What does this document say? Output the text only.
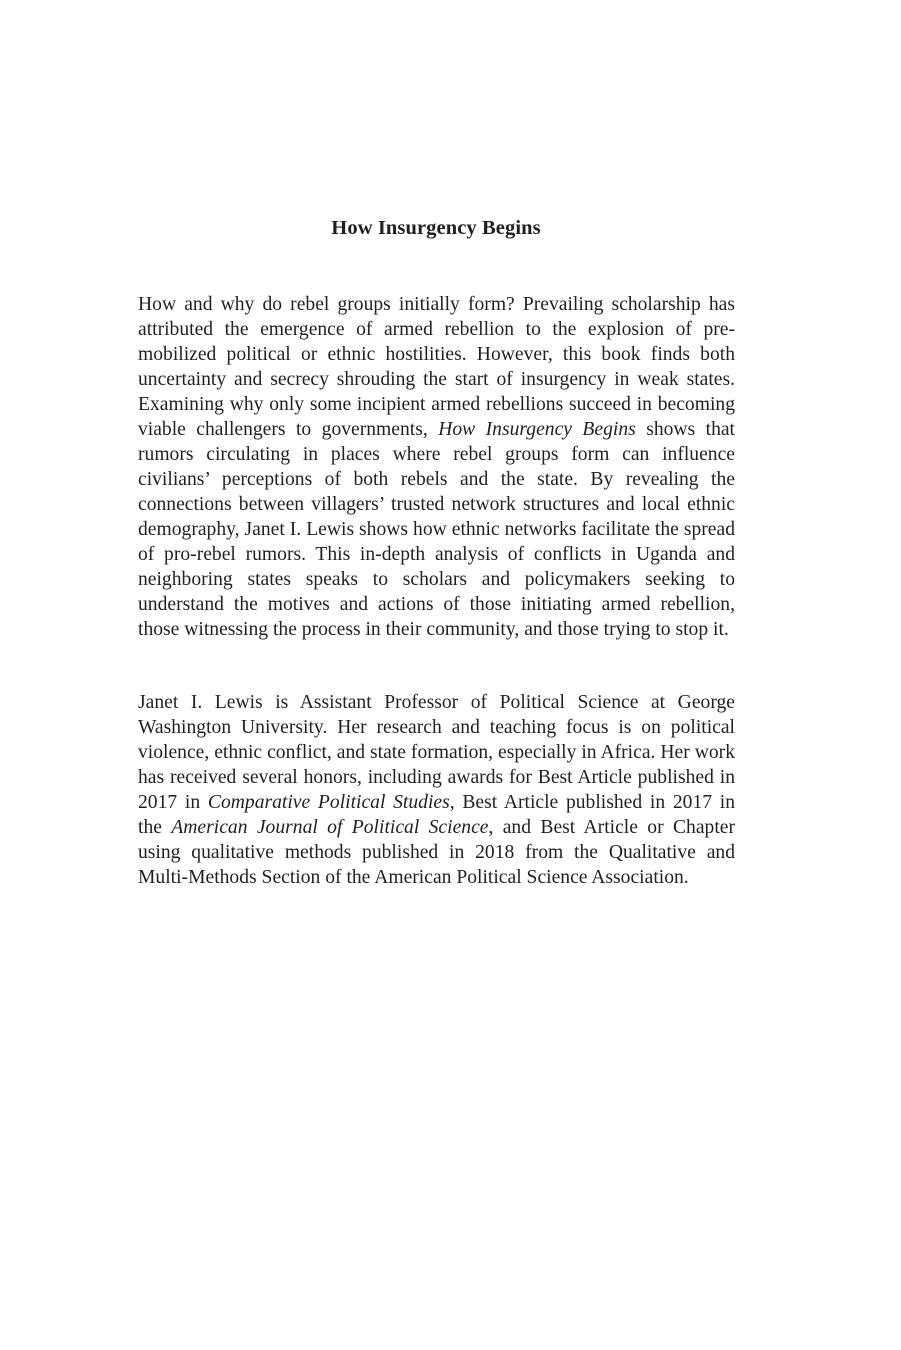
How Insurgency Begins

How and why do rebel groups initially form? Prevailing scholarship has attributed the emergence of armed rebellion to the explosion of pre-mobilized political or ethnic hostilities. However, this book finds both uncertainty and secrecy shrouding the start of insurgency in weak states. Examining why only some incipient armed rebellions succeed in becoming viable challengers to governments, How Insurgency Begins shows that rumors circulating in places where rebel groups form can influence civilians’ perceptions of both rebels and the state. By revealing the connections between villagers’ trusted network structures and local ethnic demography, Janet I. Lewis shows how ethnic networks facilitate the spread of pro-rebel rumors. This in-depth analysis of conflicts in Uganda and neighboring states speaks to scholars and policymakers seeking to understand the motives and actions of those initiating armed rebellion, those witnessing the process in their community, and those trying to stop it.

Janet I. Lewis is Assistant Professor of Political Science at George Washington University. Her research and teaching focus is on political violence, ethnic conflict, and state formation, especially in Africa. Her work has received several honors, including awards for Best Article published in 2017 in Comparative Political Studies, Best Article published in 2017 in the American Journal of Political Science, and Best Article or Chapter using qualitative methods published in 2018 from the Qualitative and Multi-Methods Section of the American Political Science Association.
